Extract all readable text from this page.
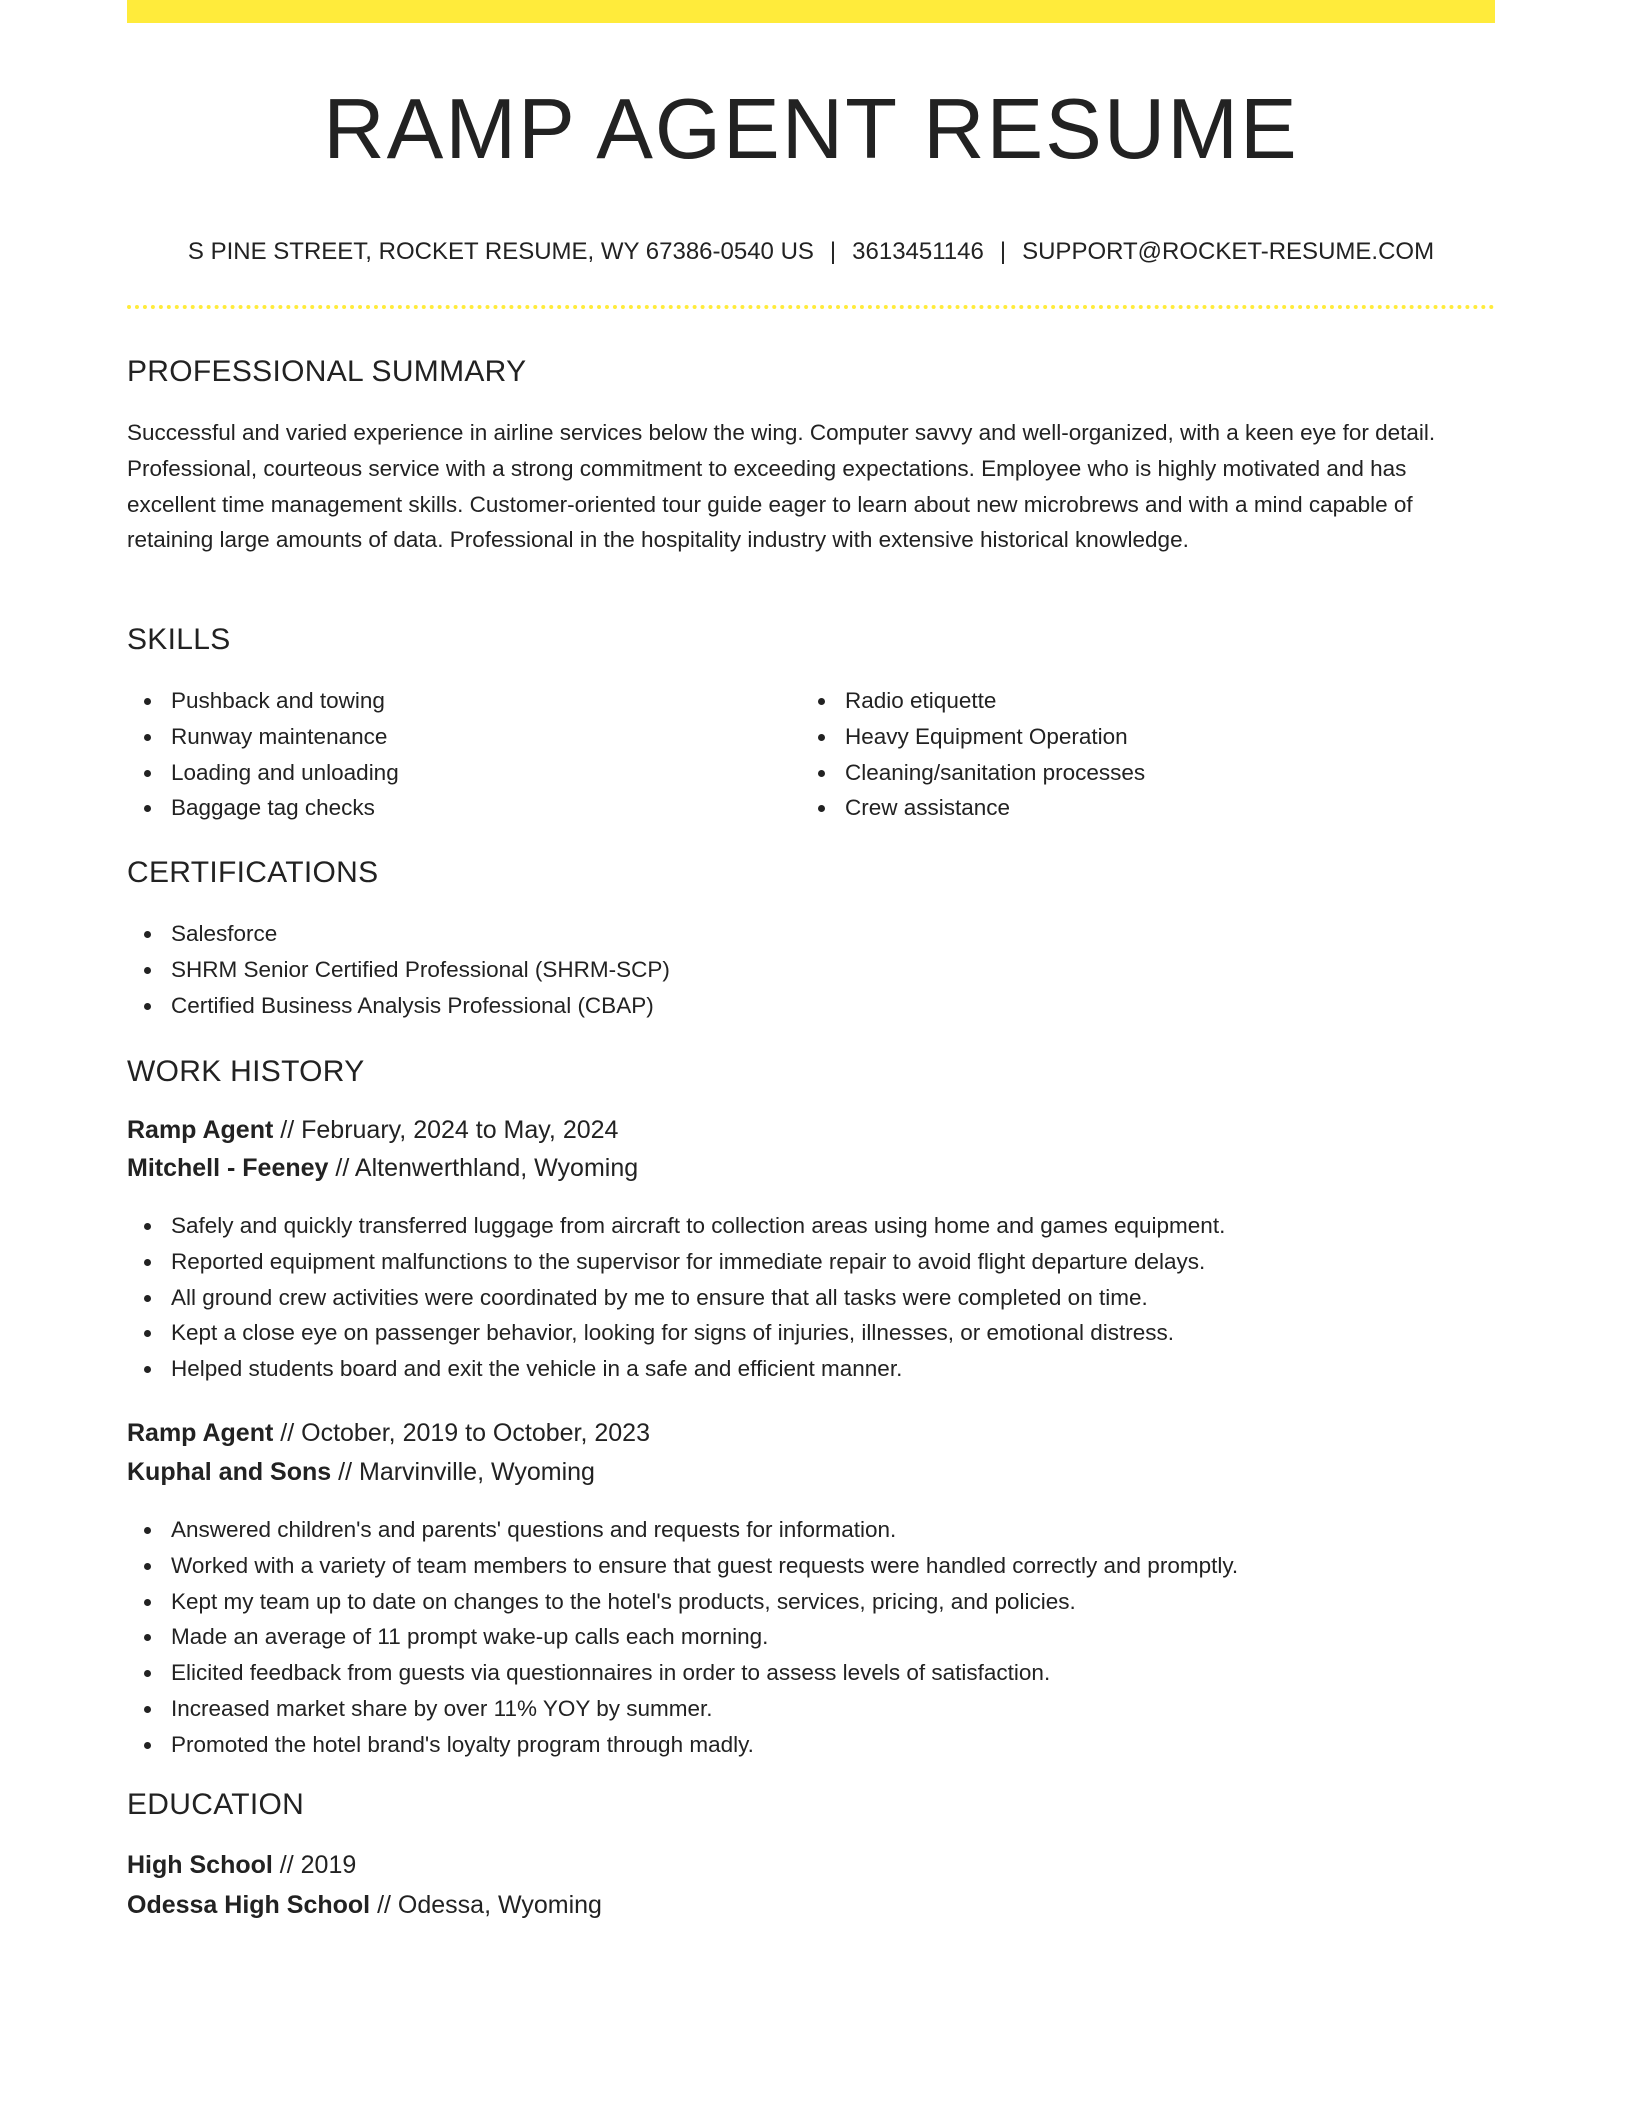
RAMP AGENT RESUME
S PINE STREET, ROCKET RESUME, WY 67386-0540 US | 3613451146 | SUPPORT@ROCKET-RESUME.COM
PROFESSIONAL SUMMARY

Successful and varied experience in airline services below the wing. Computer savvy and well-organized, with a keen eye for detail. Professional, courteous service with a strong commitment to exceeding expectations. Employee who is highly motivated and has excellent time management skills. Customer-oriented tour guide eager to learn about new microbrews and with a mind capable of retaining large amounts of data. Professional in the hospitality industry with extensive historical knowledge.

SKILLS
Pushback and towing
Runway maintenance
Loading and unloading
Baggage tag checks
Radio etiquette
Heavy Equipment Operation
Cleaning/sanitation processes
Crew assistance
CERTIFICATIONS
Salesforce
SHRM Senior Certified Professional (SHRM-SCP)
Certified Business Analysis Professional (CBAP)
WORK HISTORY
Ramp Agent // February, 2024 to May, 2024
Mitchell - Feeney // Altenwerthland, Wyoming
Safely and quickly transferred luggage from aircraft to collection areas using home and games equipment.
Reported equipment malfunctions to the supervisor for immediate repair to avoid flight departure delays.
All ground crew activities were coordinated by me to ensure that all tasks were completed on time.
Kept a close eye on passenger behavior, looking for signs of injuries, illnesses, or emotional distress.
Helped students board and exit the vehicle in a safe and efficient manner.
Ramp Agent // October, 2019 to October, 2023
Kuphal and Sons // Marvinville, Wyoming
Answered children's and parents' questions and requests for information.
Worked with a variety of team members to ensure that guest requests were handled correctly and promptly.
Kept my team up to date on changes to the hotel's products, services, pricing, and policies.
Made an average of 11 prompt wake-up calls each morning.
Elicited feedback from guests via questionnaires in order to assess levels of satisfaction.
Increased market share by over 11% YOY by summer.
Promoted the hotel brand's loyalty program through madly.
EDUCATION
High School // 2019
Odessa High School // Odessa, Wyoming
